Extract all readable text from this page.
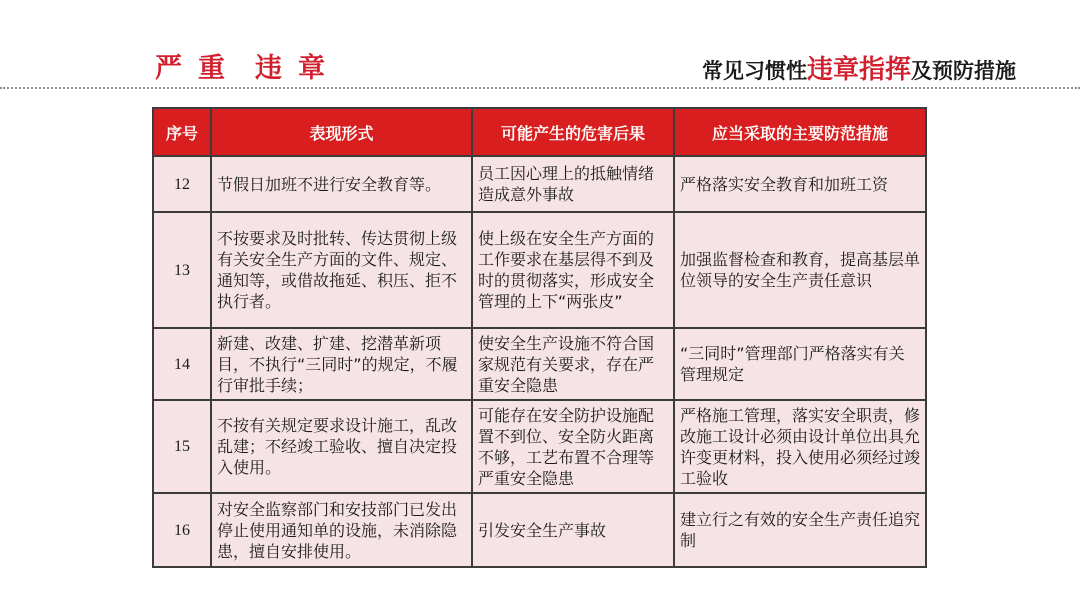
严 重 违 章	常见习惯性违章指挥及预防措施
序号	表现形式	可能产生的危害后果	应当采取的主要防范措施
12	节假日加班不进行安全教育等。	员工因心理上的抵触情绪造成意外事故	严格落实安全教育和加班工资
13	不按要求及时批转、传达贯彻上级有关安全生产方面的文件、规定、通知等，或借故拖延、积压、拒不执行者。	使上级在安全生产方面的工作要求在基层得不到及时的贯彻落实，形成安全管理的上下“两张皮”	加强监督检查和教育，提高基层单位领导的安全生产责任意识
14	新建、改建、扩建、挖潜革新项目，不执行“三同时”的规定，不履行审批手续；	使安全生产设施不符合国家规范有关要求，存在严重安全隐患	“三同时”管理部门严格落实有关管理规定
15	不按有关规定要求设计施工，乱改乱建；不经竣工验收、擅自决定投入使用。	可能存在安全防护设施配置不到位、安全防火距离不够，工艺布置不合理等严重安全隐患	严格施工管理，落实安全职责，修改施工设计必须由设计单位出具允许变更材料，投入使用必须经过竣工验收
16	对安全监察部门和安技部门已发出停止使用通知单的设施，未消除隐患，擅自安排使用。	引发安全生产事故	建立行之有效的安全生产责任追究制
